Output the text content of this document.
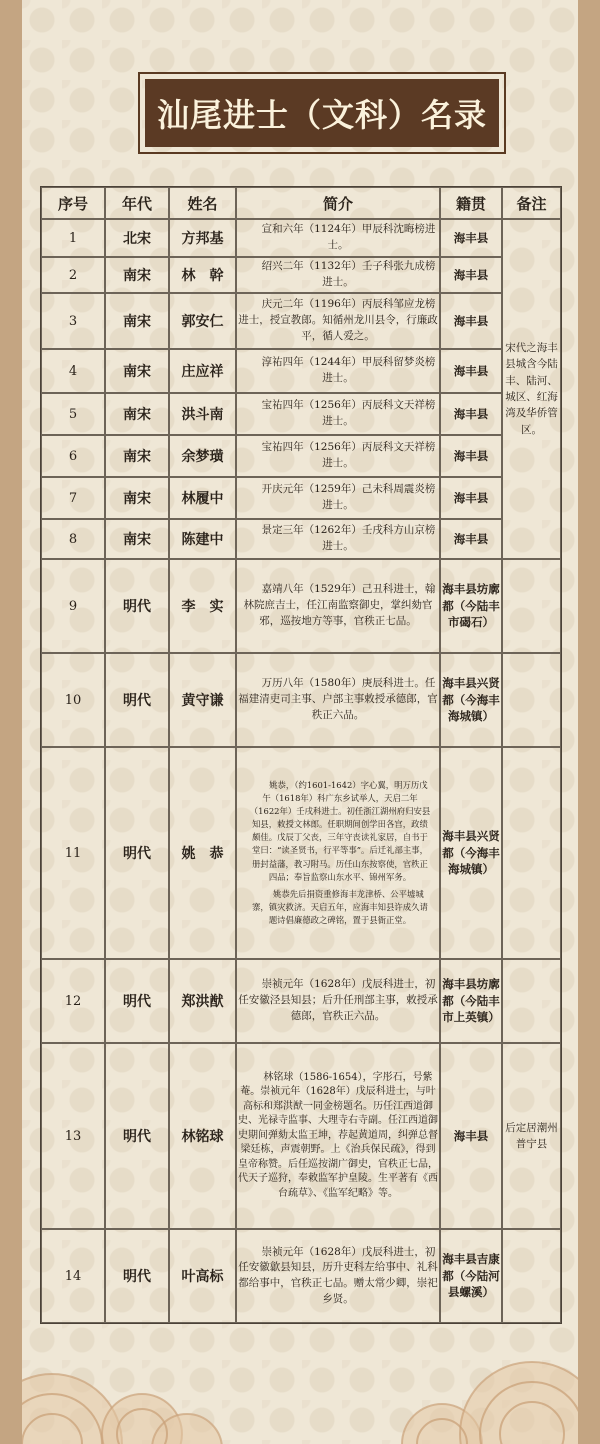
汕尾进士（文科）名录
序号	年代	姓名	简介	籍贯	备注
1	北宋	方邦基	宣和六年（1124年）甲辰科沈晦榜进士。	海丰县	宋代之海丰县城含今陆丰、陆河、城区、红海湾及华侨管区。
2	南宋	林　幹	绍兴二年（1132年）壬子科张九成榜进士。	海丰县	
3	南宋	郭安仁	庆元二年（1196年）丙辰科邹应龙榜进士，授宣教郎。知循州龙川县令，行廉政平，循人爱之。	海丰县	
4	南宋	庄应祥	淳祐四年（1244年）甲辰科留梦炎榜进士。	海丰县	
5	南宋	洪斗南	宝祐四年（1256年）丙辰科文天祥榜进士。	海丰县	
6	南宋	余梦璜	宝祐四年（1256年）丙辰科文天祥榜进士。	海丰县	
7	南宋	林履中	开庆元年（1259年）己未科周震炎榜进士。	海丰县	
8	南宋	陈建中	景定三年（1262年）壬戌科方山京榜进士。	海丰县	
9	明代	李　实	嘉靖八年（1529年）己丑科进士，翰林院庶吉士，任江南监察御史，掌纠劾官邪，巡按地方等事，官秩正七品。	海丰县坊廓都（今陆丰市碣石）	
10	明代	黄守谦	万历八年（1580年）庚辰科进士。任福建清吏司主事、户部主事敕授承德郎，官秩正六品。	海丰县兴贤都（今海丰海城镇）	
11	明代	姚　恭	姚恭，（约1601-1642）字心翼，明万历戊午（1618年）科广东乡试举人，天启二年（1622年）壬戌科进士。初任浙江湖州府归安县知县，敕授文林郎。任职期间创学田各宫，政绩颇佳。戊辰丁父丧，三年守丧读礼家居，自书于堂曰：“读圣贤书，行平等事”。后迁礼部主事，册封益藩，教习附马。历任山东按察使，官秩正四品；奉旨监察山东水平、锦州军务。

姚恭先后捐资重修海丰龙津桥、公平墟城寨，镇灾救济。天启五年，应海丰知县许成久请题诗倡廉德政之碑铭，置于县衙正堂。	海丰县兴贤都（今海丰海城镇）	
12	明代	郑洪猷	崇祯元年（1628年）戊辰科进士，初任安徽泾县知县；后升任刑部主事，敕授承德郎，官秩正六品。	海丰县坊廓都（今陆丰市上英镇）	
13	明代	林铭球	林铭球（1586-1654），字彤石，号紫菴。崇祯元年（1628年）戊辰科进士，与叶高标和郑洪猷一同金榜题名。历任江西道御史、光禄寺监事、大理寺右寺副。任江西道御史期间弹劾太监王坤，荐起黄道周，纠弹总督梁廷栋，声震朝野。上《治兵保民疏》，得到皇帝称赞。后任巡按湖广御史，官秩正七品，代天子巡狩，奉敕监军护皇陵。生平著有《西台疏草》、《监军纪略》等。	海丰县	后定居潮州普宁县
14	明代	叶高标	崇祯元年（1628年）戊辰科进士，初任安徽歙县知县，历升吏科左给事中、礼科都给事中，官秩正七品。赠太常少卿，崇祀乡贤。	海丰县吉康都（今陆河县螺溪）	
